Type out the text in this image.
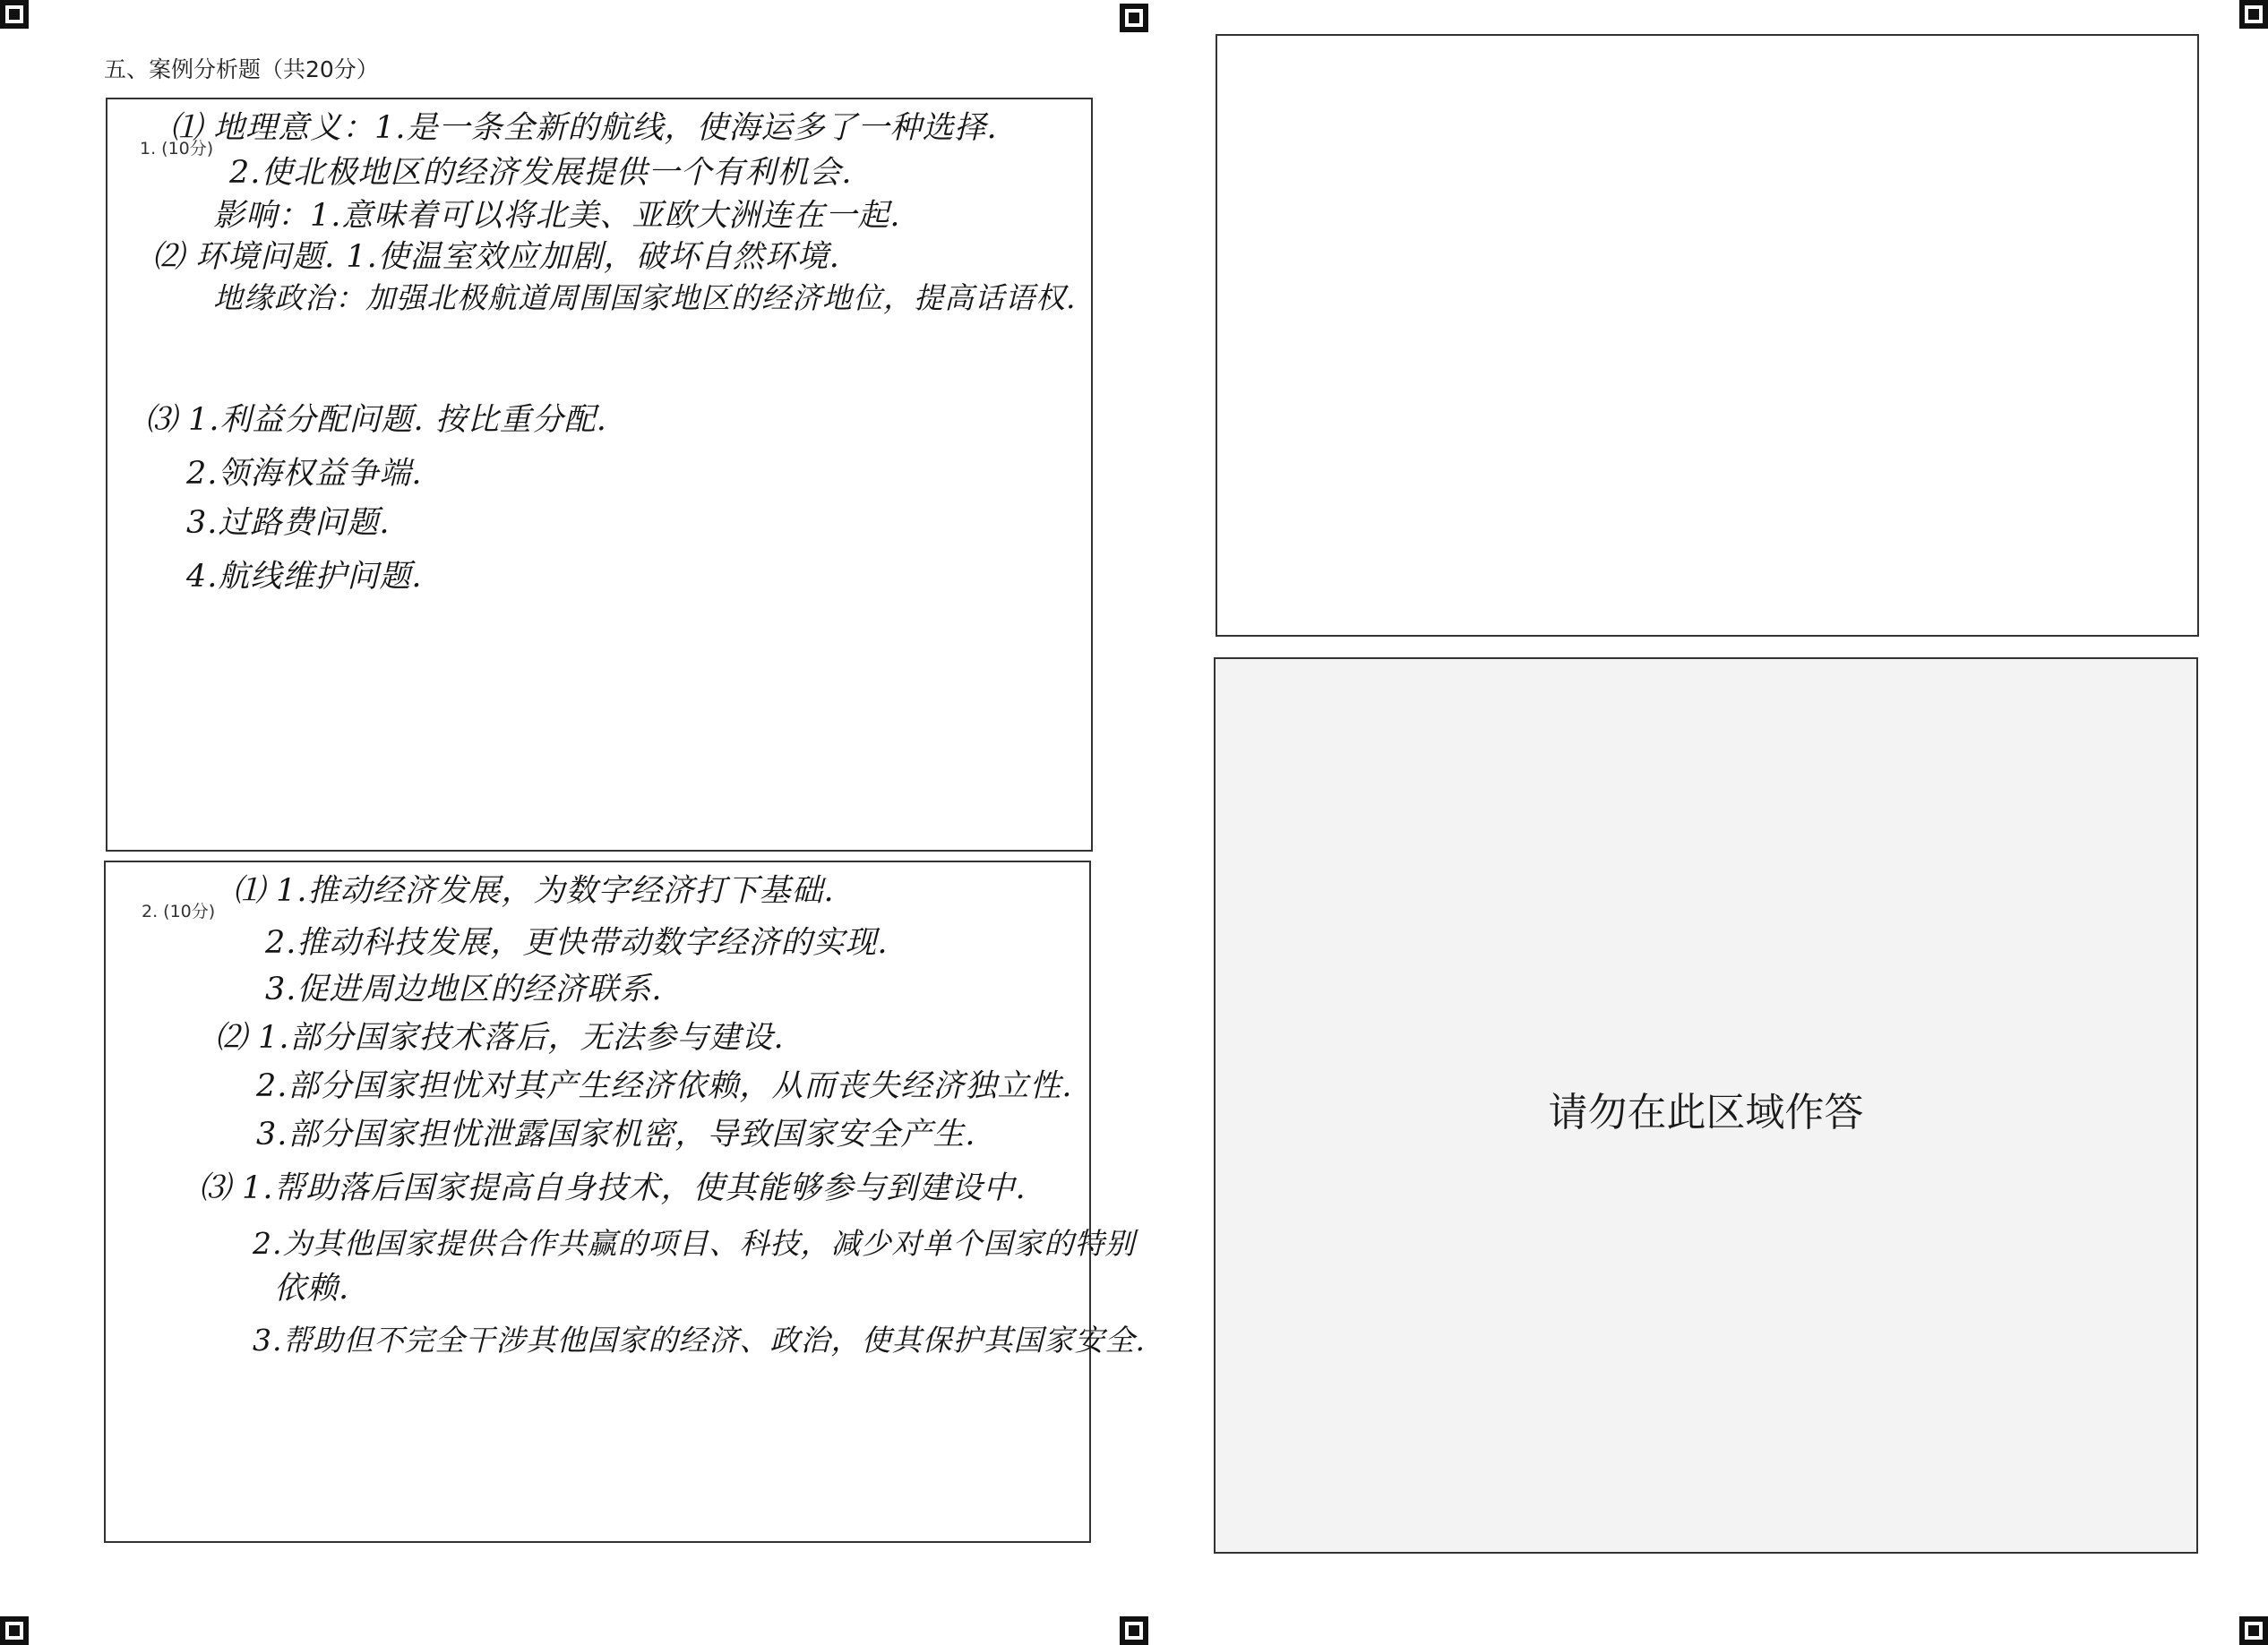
五、案例分析题（共20分）
1. (10分)
⑴ 地理意义：1.是一条全新的航线，使海运多了一种选择.
2.使北极地区的经济发展提供一个有利机会.
影响：1.意味着可以将北美、亚欧大洲连在一起.
⑵ 环境问题. 1.使温室效应加剧，破坏自然环境.
地缘政治：加强北极航道周围国家地区的经济地位，提高话语权.
⑶ 1.利益分配问题. 按比重分配.
2.领海权益争端.
3.过路费问题.
4.航线维护问题.
2. (10分)
⑴ 1.推动经济发展，为数字经济打下基础.
2.推动科技发展，更快带动数字经济的实现.
3.促进周边地区的经济联系.
⑵ 1.部分国家技术落后，无法参与建设.
2.部分国家担忧对其产生经济依赖，从而丧失经济独立性.
3.部分国家担忧泄露国家机密，导致国家安全产生.
⑶ 1.帮助落后国家提高自身技术，使其能够参与到建设中.
2.为其他国家提供合作共赢的项目、科技，减少对单个国家的特别
依赖.
3.帮助但不完全干涉其他国家的经济、政治，使其保护其国家安全.
请勿在此区域作答
